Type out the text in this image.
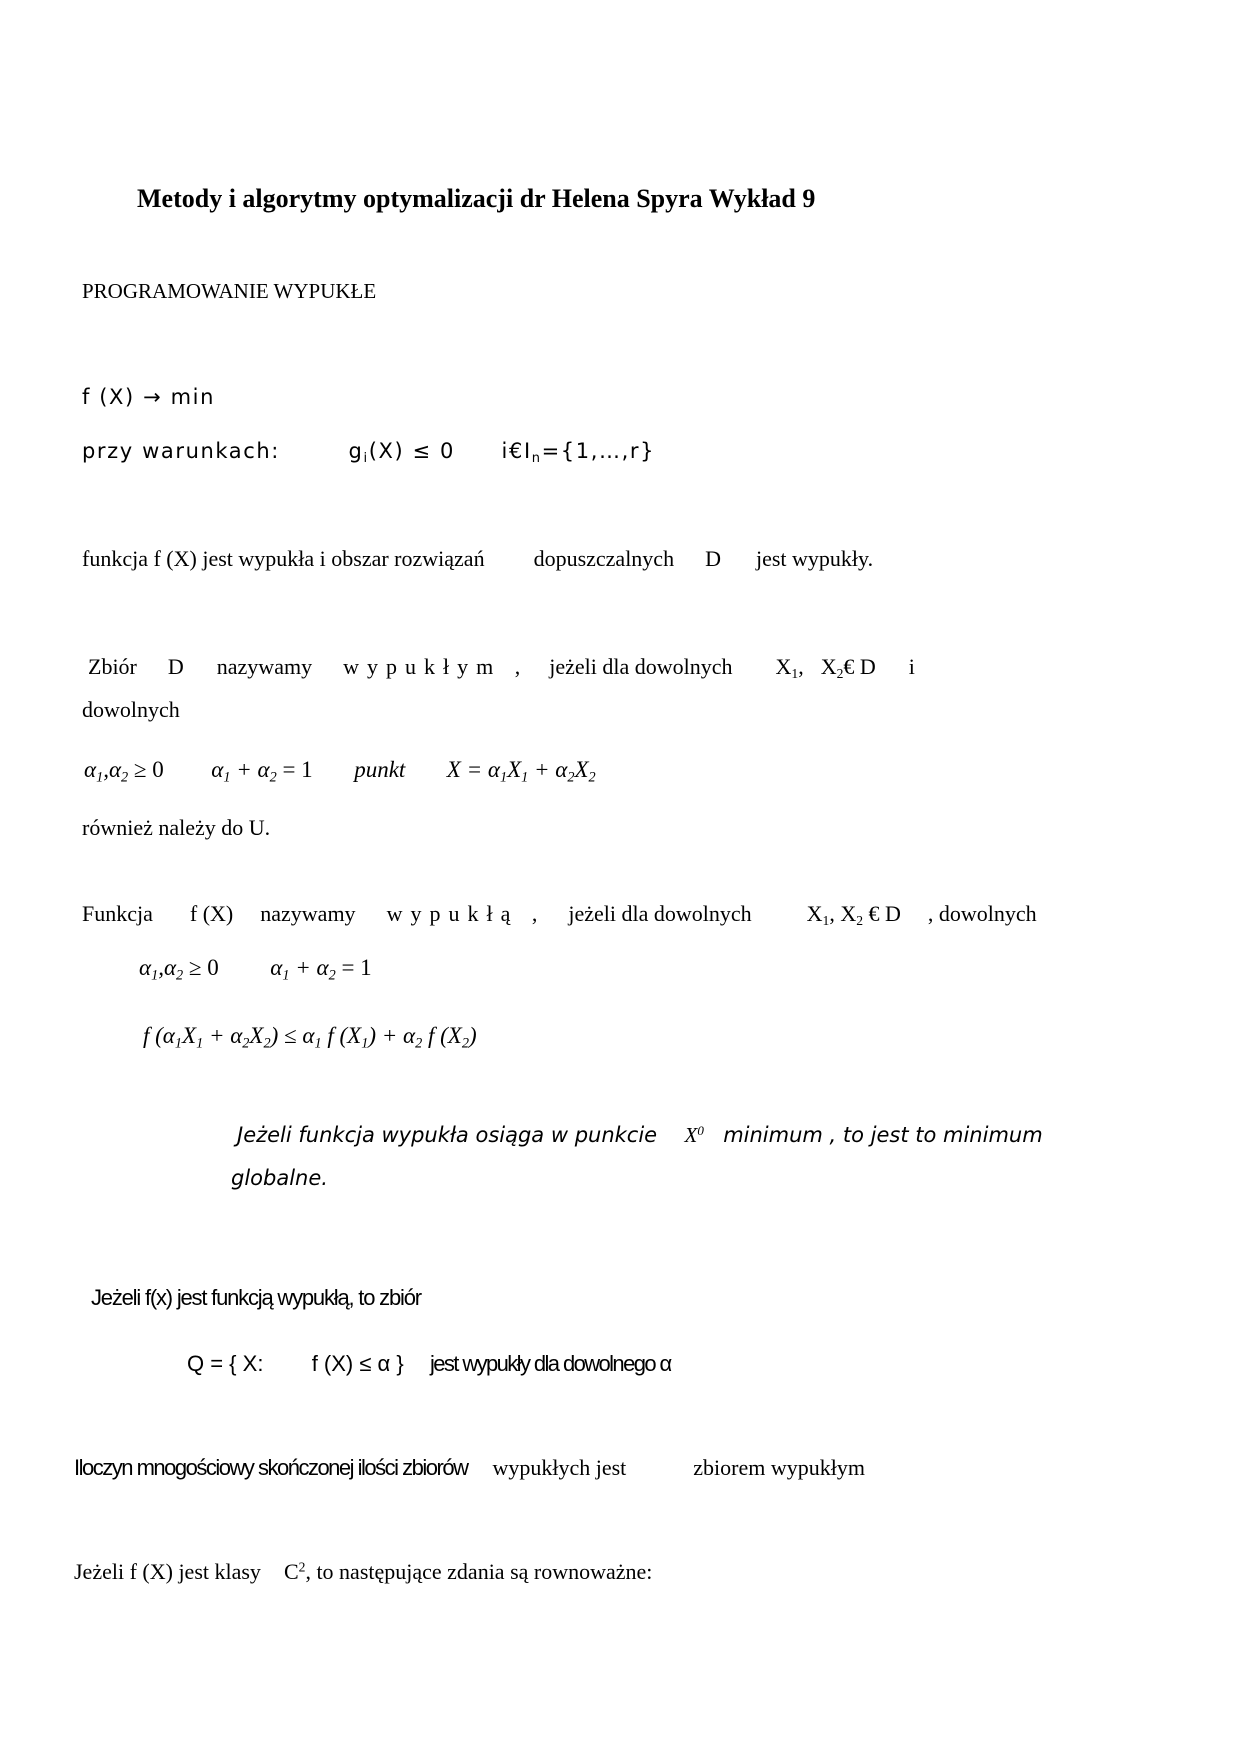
Metody i algorytmy optymalizacji dr Helena Spyra Wykład 9
PROGRAMOWANIE WYPUKŁE
f (X) → min
przy warunkach:	$g_i(X) \le 0$ $i€I_n=\{1,\dots,r\}$
funkcja f (X) jest wypukła i obszar rozwiązań dopuszczalnych D jest wypukły.
Zbiór D nazywamy wypukłym , jeżeli dla dowolnych $X_1$, $X_2€$ D i
dowolnych
$\alpha_1,\alpha_2 \ge 0$ $\alpha_1 + \alpha_2 = 1$ punkt $X = \alpha_1X_1 + \alpha_2X_2$
również należy do U.
Funkcja f (X) nazywamy wypukłą , jeżeli dla dowolnych	$X_1$, $X_2$ € D , dowolnych
$\alpha_1,\alpha_2 \ge 0$ $\alpha_1 + \alpha_2 = 1$
f $(\alpha_1X_1 + \alpha_2X_2) \le \alpha_1$ f $(X_1) + \alpha_2$ f $(X_2)$
Jeżeli funkcja wypukła osiąga w punkcie $X^0$ minimum , to jest to minimum
globalne.
Jeżeli f(x) jest funkcją wypukłą, to zbiór
Q = { X: f (X) ≤ α } jest wypukły dla dowolnego α
Iloczyn mnogościowy skończonej ilości zbiorów wypukłych jest	zbiorem wypukłym
Jeżeli f (X) jest klasy $C^2$, to następujące zdania są rownoważne:
